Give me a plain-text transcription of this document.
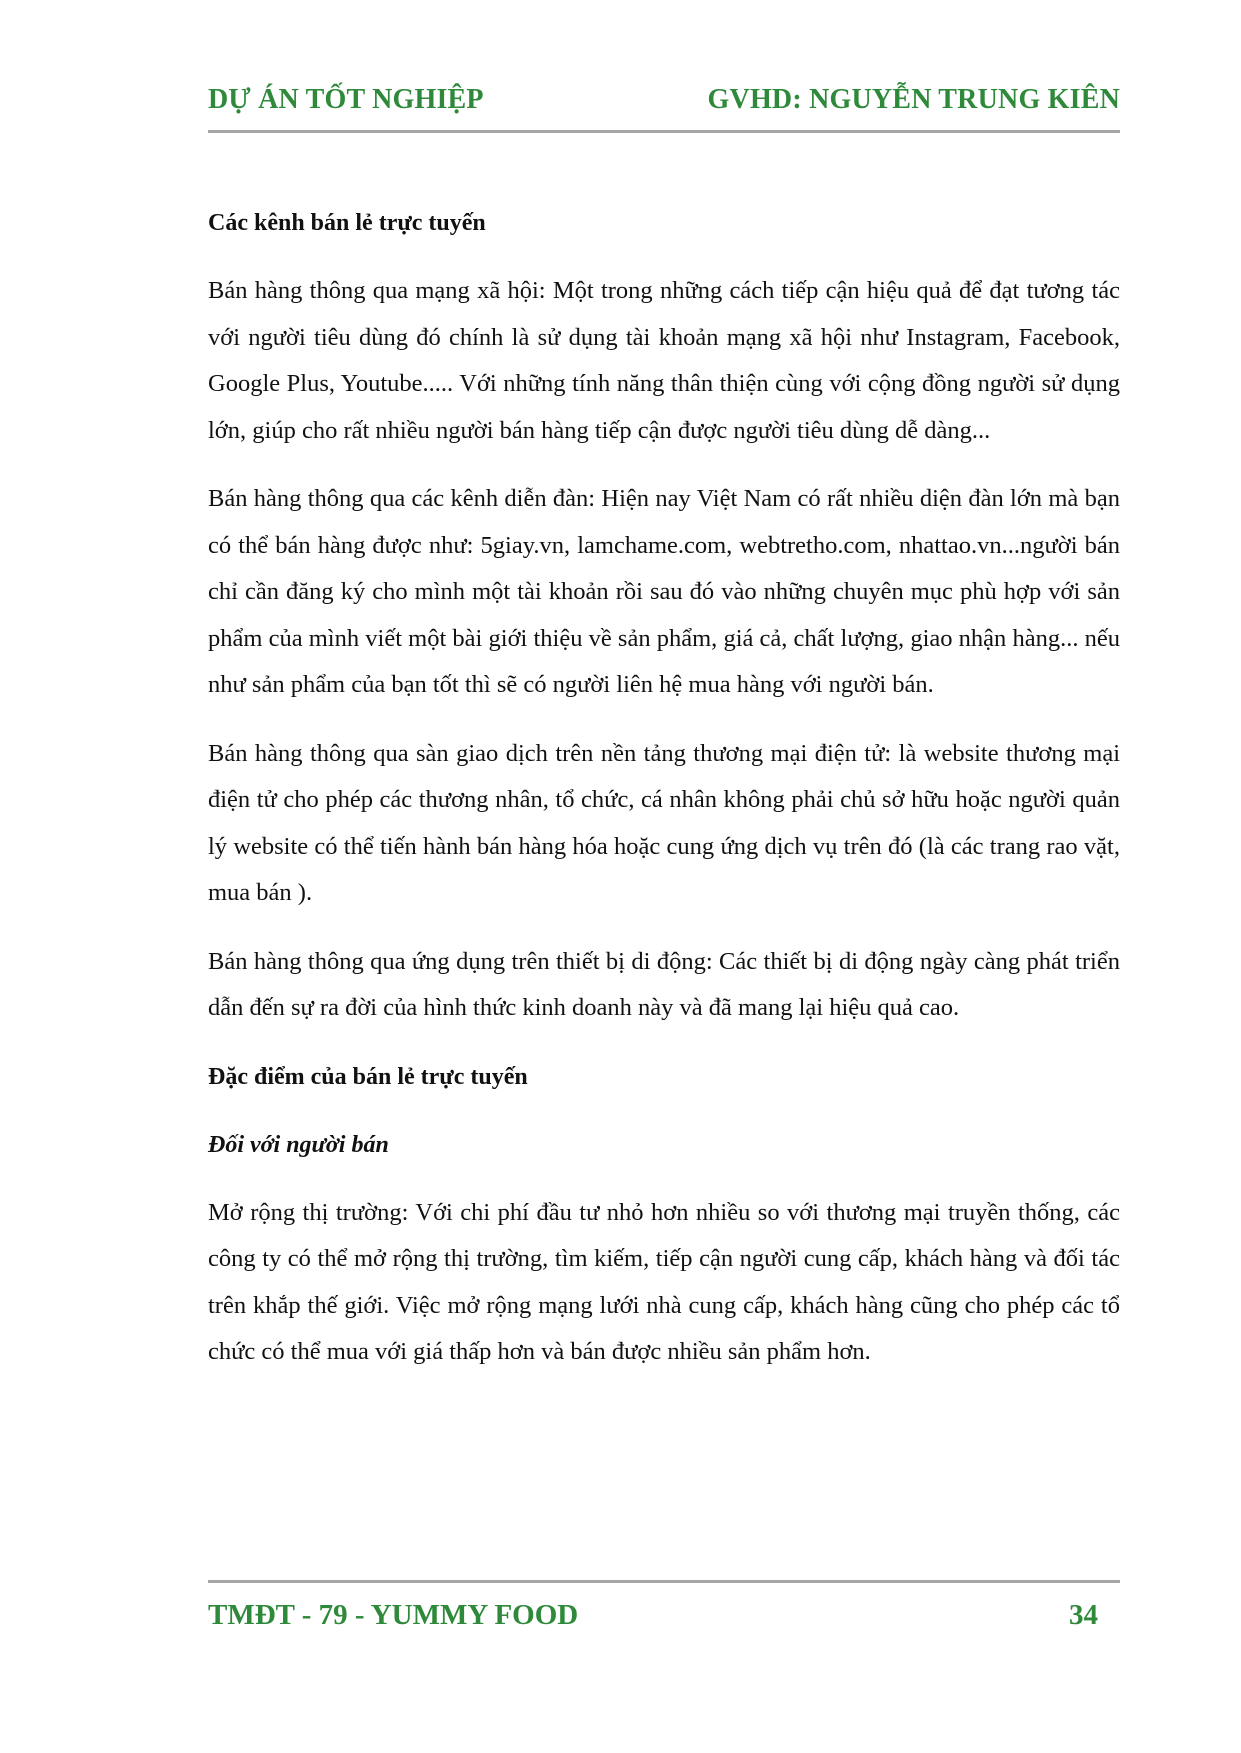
DỰ ÁN TỐT NGHIỆP	GVHD: NGUYỄN TRUNG KIÊN
Các kênh bán lẻ trực tuyến

Bán hàng thông qua mạng xã hội: Một trong những cách tiếp cận hiệu quả để đạt tương tác với người tiêu dùng đó chính là sử dụng tài khoản mạng xã hội như Instagram, Facebook, Google Plus, Youtube..... Với những tính năng thân thiện cùng với cộng đồng người sử dụng lớn, giúp cho rất nhiều người bán hàng tiếp cận được người tiêu dùng dễ dàng...

Bán hàng thông qua các kênh diễn đàn: Hiện nay Việt Nam có rất nhiều diện đàn lớn mà bạn có thể bán hàng được như: 5giay.vn, lamchame.com, webtretho.com, nhattao.vn...người bán chỉ cần đăng ký cho mình một tài khoản rồi sau đó vào những chuyên mục phù hợp với sản phẩm của mình viết một bài giới thiệu về sản phẩm, giá cả, chất lượng, giao nhận hàng... nếu như sản phẩm của bạn tốt thì sẽ có người liên hệ mua hàng với người bán.

Bán hàng thông qua sàn giao dịch trên nền tảng thương mại điện tử: là website thương mại điện tử cho phép các thương nhân, tổ chức, cá nhân không phải chủ sở hữu hoặc người quản lý website có thể tiến hành bán hàng hóa hoặc cung ứng dịch vụ trên đó (là các trang rao vặt, mua bán ).

Bán hàng thông qua ứng dụng trên thiết bị di động: Các thiết bị di động ngày càng phát triển dẫn đến sự ra đời của hình thức kinh doanh này và đã mang lại hiệu quả cao.

Đặc điểm của bán lẻ trực tuyến
Đối với người bán

Mở rộng thị trường: Với chi phí đầu tư nhỏ hơn nhiều so với thương mại truyền thống, các công ty có thể mở rộng thị trường, tìm kiếm, tiếp cận người cung cấp, khách hàng và đối tác trên khắp thế giới. Việc mở rộng mạng lưới nhà cung cấp, khách hàng cũng cho phép các tổ chức có thể mua với giá thấp hơn và bán được nhiều sản phẩm hơn.

TMĐT - 79 - YUMMY FOOD	34
